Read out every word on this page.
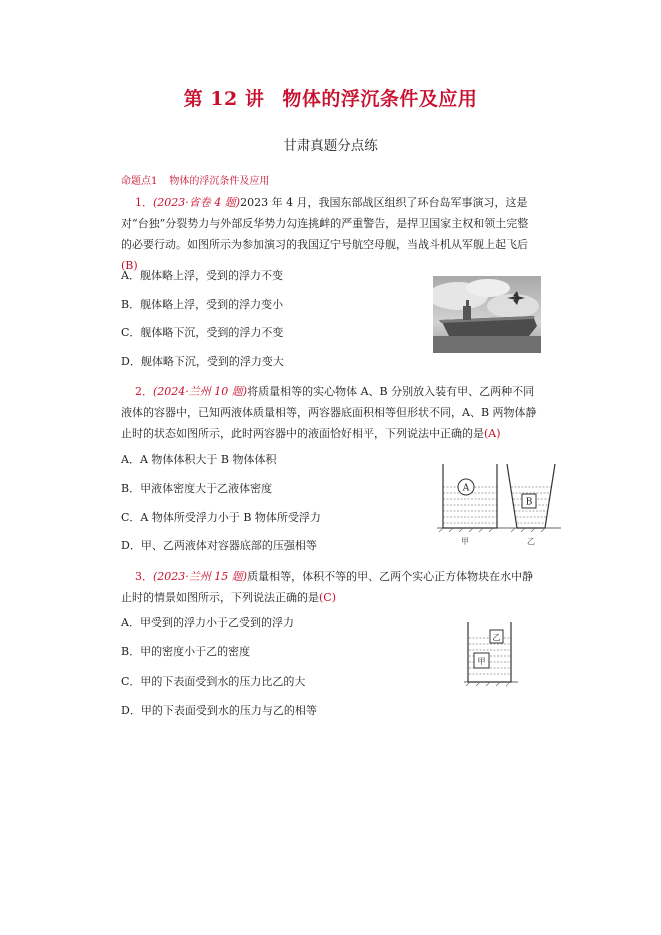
第 12 讲 物体的浮沉条件及应用
甘肃真题分点练
命题点1 物体的浮沉条件及应用
1．(2023·省卷 4 题)2023 年 4 月，我国东部战区组织了环台岛军事演习，这是对“台独”分裂势力与外部反华势力勾连挑衅的严重警告，是捍卫国家主权和领土完整的必要行动。如图所示为参加演习的我国辽宁号航空母舰，当战斗机从军舰上起飞后(B)
A．舰体略上浮，受到的浮力不变
B．舰体略上浮，受到的浮力变小
C．舰体略下沉，受到的浮力不变
D．舰体略下沉，受到的浮力变大
2．(2024·兰州 10 题)将质量相等的实心物体 A、B 分别放入装有甲、乙两种不同液体的容器中，已知两液体质量相等，两容器底面积相等但形状不同，A、B 两物体静止时的状态如图所示，此时两容器中的液面恰好相平，下列说法中正确的是(A)
A．A 物体体积大于 B 物体体积
B．甲液体密度大于乙液体密度
C．A 物体所受浮力小于 B 物体所受浮力
D．甲、乙两液体对容器底部的压强相等
A
B
甲	乙
3．(2023·兰州 15 题)质量相等，体积不等的甲、乙两个实心正方体物块在水中静止时的情景如图所示，下列说法正确的是(C)
A．甲受到的浮力小于乙受到的浮力
B．甲的密度小于乙的密度
C．甲的下表面受到水的压力比乙的大
D．甲的下表面受到水的压力与乙的相等
乙
甲
